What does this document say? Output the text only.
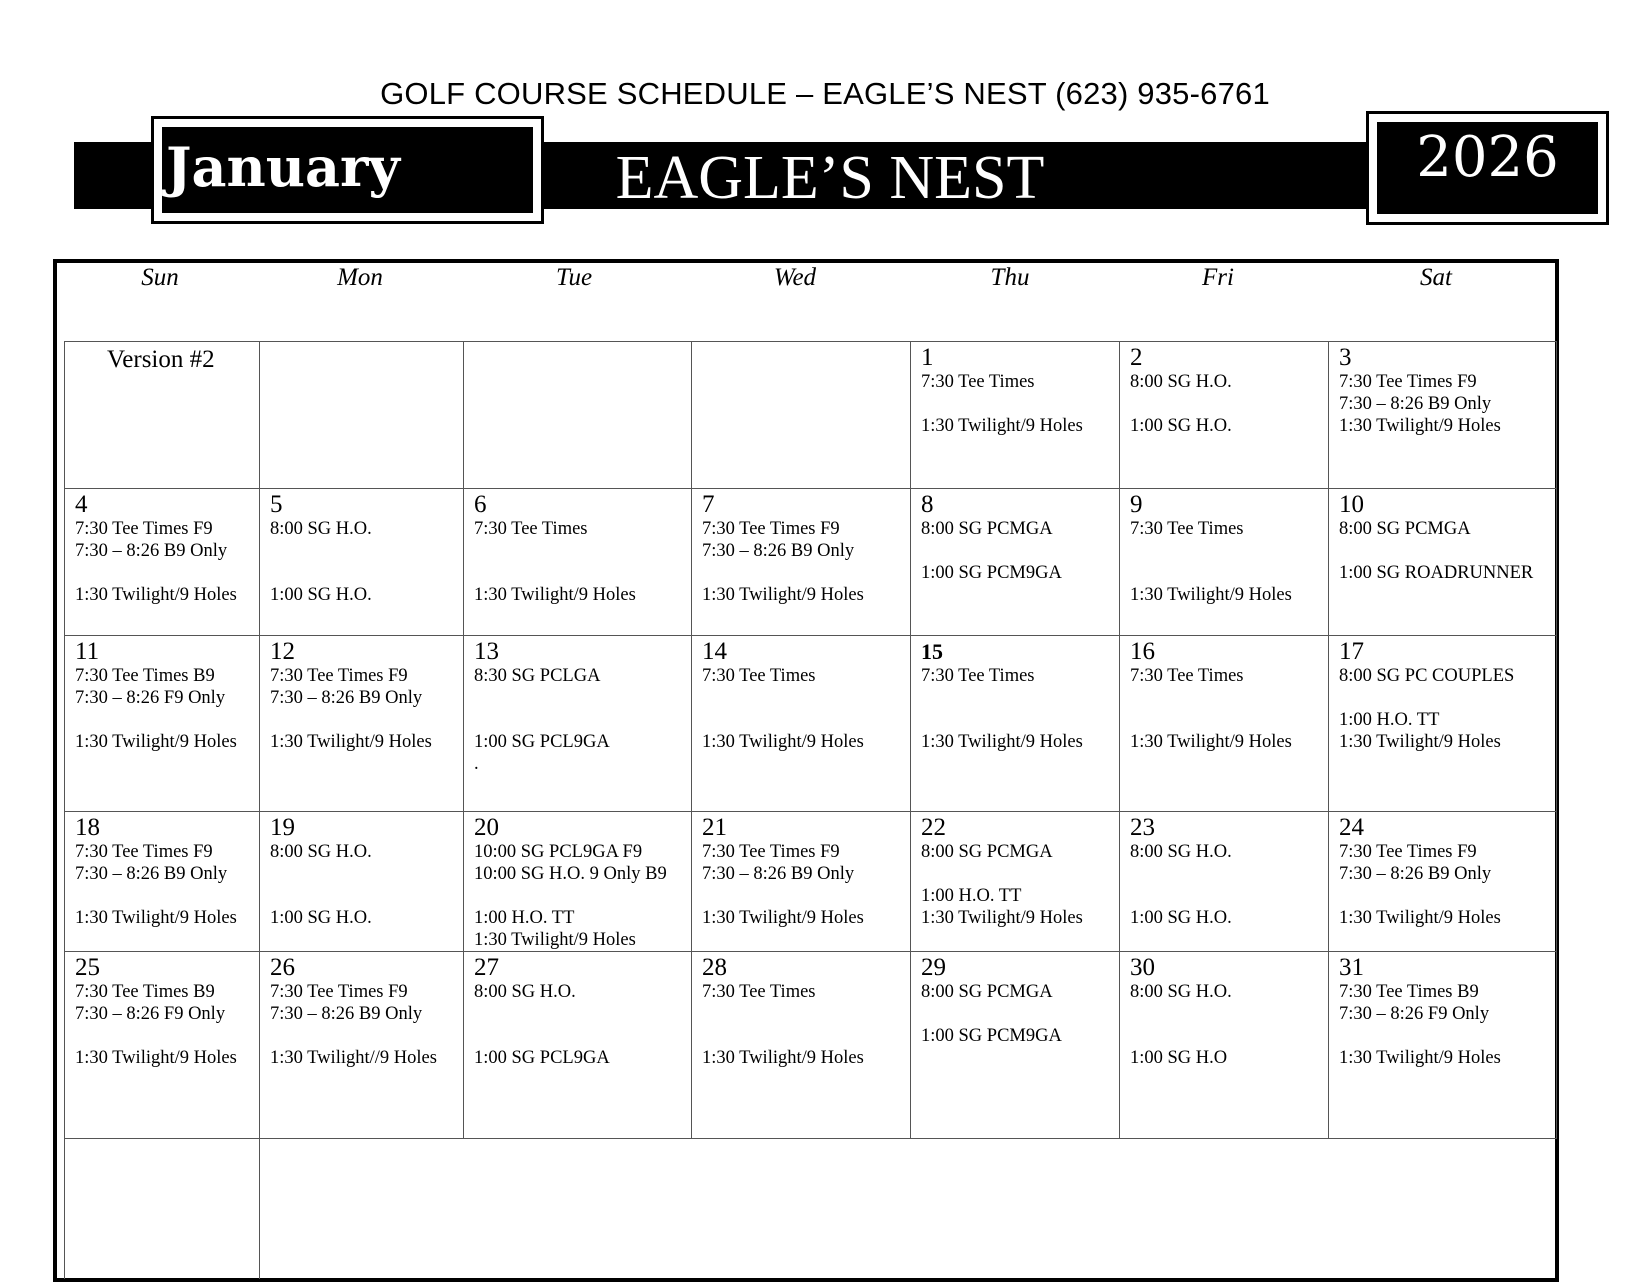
GOLF COURSE SCHEDULE – EAGLE’S NEST (623) 935-6761
EAGLE’S NEST
January	2026
Sun	Mon	Tue	Wed	Thu	Fri	Sat
Version #2				1
7:30 Tee Times
1:30 Twilight/9 Holes	2
8:00 SG H.O.
1:00 SG H.O.	3
7:30 Tee Times F9
7:30 – 8:26 B9 Only
1:30 Twilight/9 Holes

4
7:30 Tee Times F9
7:30 – 8:26 B9 Only
1:30 Twilight/9 Holes	5
8:00 SG H.O.
1:00 SG H.O.	6
7:30 Tee Times
1:30 Twilight/9 Holes	7
7:30 Tee Times F9
7:30 – 8:26 B9 Only
1:30 Twilight/9 Holes	8
8:00 SG PCMGA
1:00 SG PCM9GA	9
7:30 Tee Times
1:30 Twilight/9 Holes	10
8:00 SG PCMGA
1:00 SG ROADRUNNER

11
7:30 Tee Times B9
7:30 – 8:26 F9 Only
1:30 Twilight/9 Holes	12
7:30 Tee Times F9
7:30 – 8:26 B9 Only
1:30 Twilight/9 Holes	13
8:30 SG PCLGA
1:00 SG PCL9GA
.	14
7:30 Tee Times
1:30 Twilight/9 Holes	15
7:30 Tee Times
1:30 Twilight/9 Holes	16
7:30 Tee Times
1:30 Twilight/9 Holes	17
8:00 SG PC COUPLES
1:00 H.O. TT
1:30 Twilight/9 Holes

18
7:30 Tee Times F9
7:30 – 8:26 B9 Only
1:30 Twilight/9 Holes	19
8:00 SG H.O.
1:00 SG H.O.	20
10:00 SG PCL9GA F9
10:00 SG H.O. 9 Only B9
1:00 H.O. TT
1:30 Twilight/9 Holes	21
7:30 Tee Times F9
7:30 – 8:26 B9 Only
1:30 Twilight/9 Holes	22
8:00 SG PCMGA
1:00 H.O. TT
1:30 Twilight/9 Holes	23
8:00 SG H.O.
1:00 SG H.O.	24
7:30 Tee Times F9
7:30 – 8:26 B9 Only
1:30 Twilight/9 Holes

25
7:30 Tee Times B9
7:30 – 8:26 F9 Only
1:30 Twilight/9 Holes	26
7:30 Tee Times F9
7:30 – 8:26 B9 Only
1:30 Twilight//9 Holes	27
8:00 SG H.O.
1:00 SG PCL9GA	28
7:30 Tee Times
1:30 Twilight/9 Holes	29
8:00 SG PCMGA
1:00 SG PCM9GA	30
8:00 SG H.O.
1:00 SG H.O	31
7:30 Tee Times B9
7:30 – 8:26 F9 Only
1:30 Twilight/9 Holes
